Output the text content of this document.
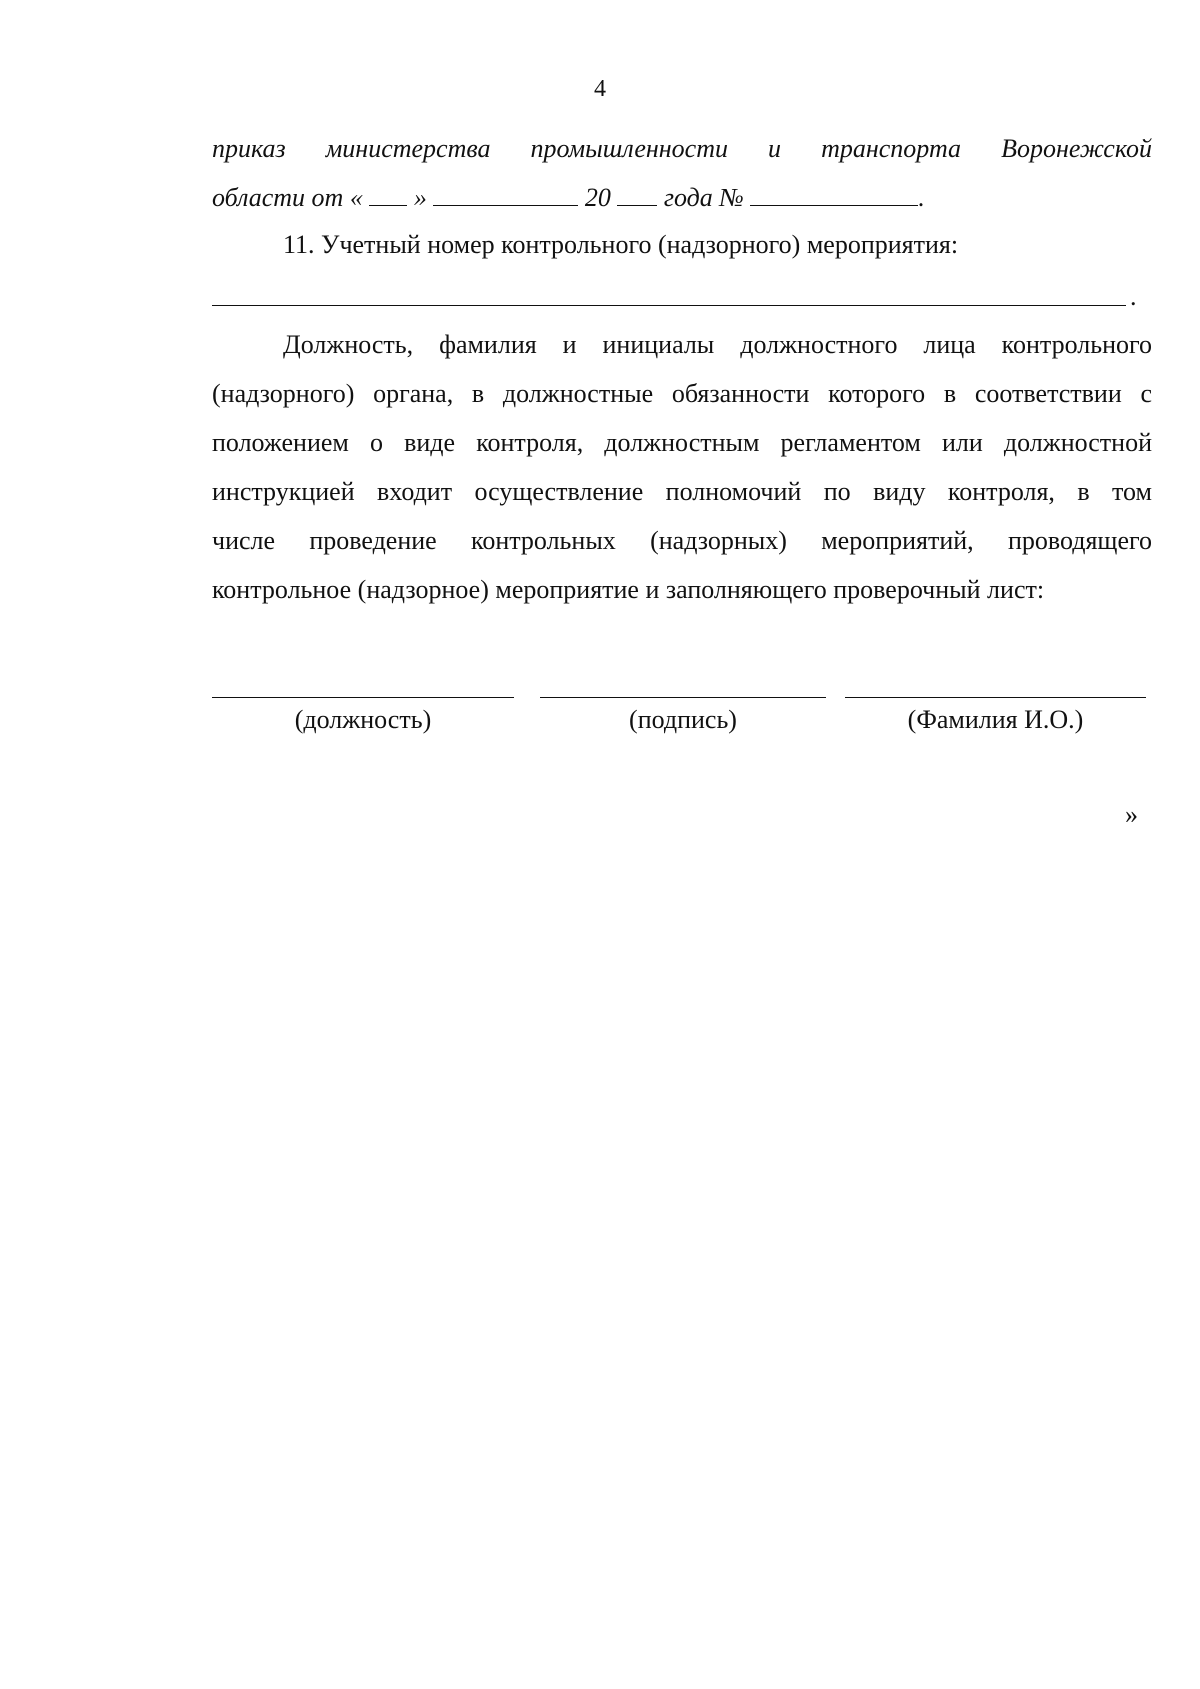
4
приказ министерства промышленности и транспорта Воронежской
области от « »	20 года №	.
11. Учетный номер контрольного (надзорного) мероприятия:
.
Должность, фамилия и инициалы должностного лица контрольного
(надзорного) органа, в должностные обязанности которого в соответствии с
положением о виде контроля, должностным регламентом или должностной
инструкцией входит осуществление полномочий по виду контроля, в том
числе проведение контрольных (надзорных) мероприятий, проводящего
контрольное (надзорное) мероприятие и заполняющего проверочный лист:
(должность)	(подпись)	(Фамилия И.О.)
»
